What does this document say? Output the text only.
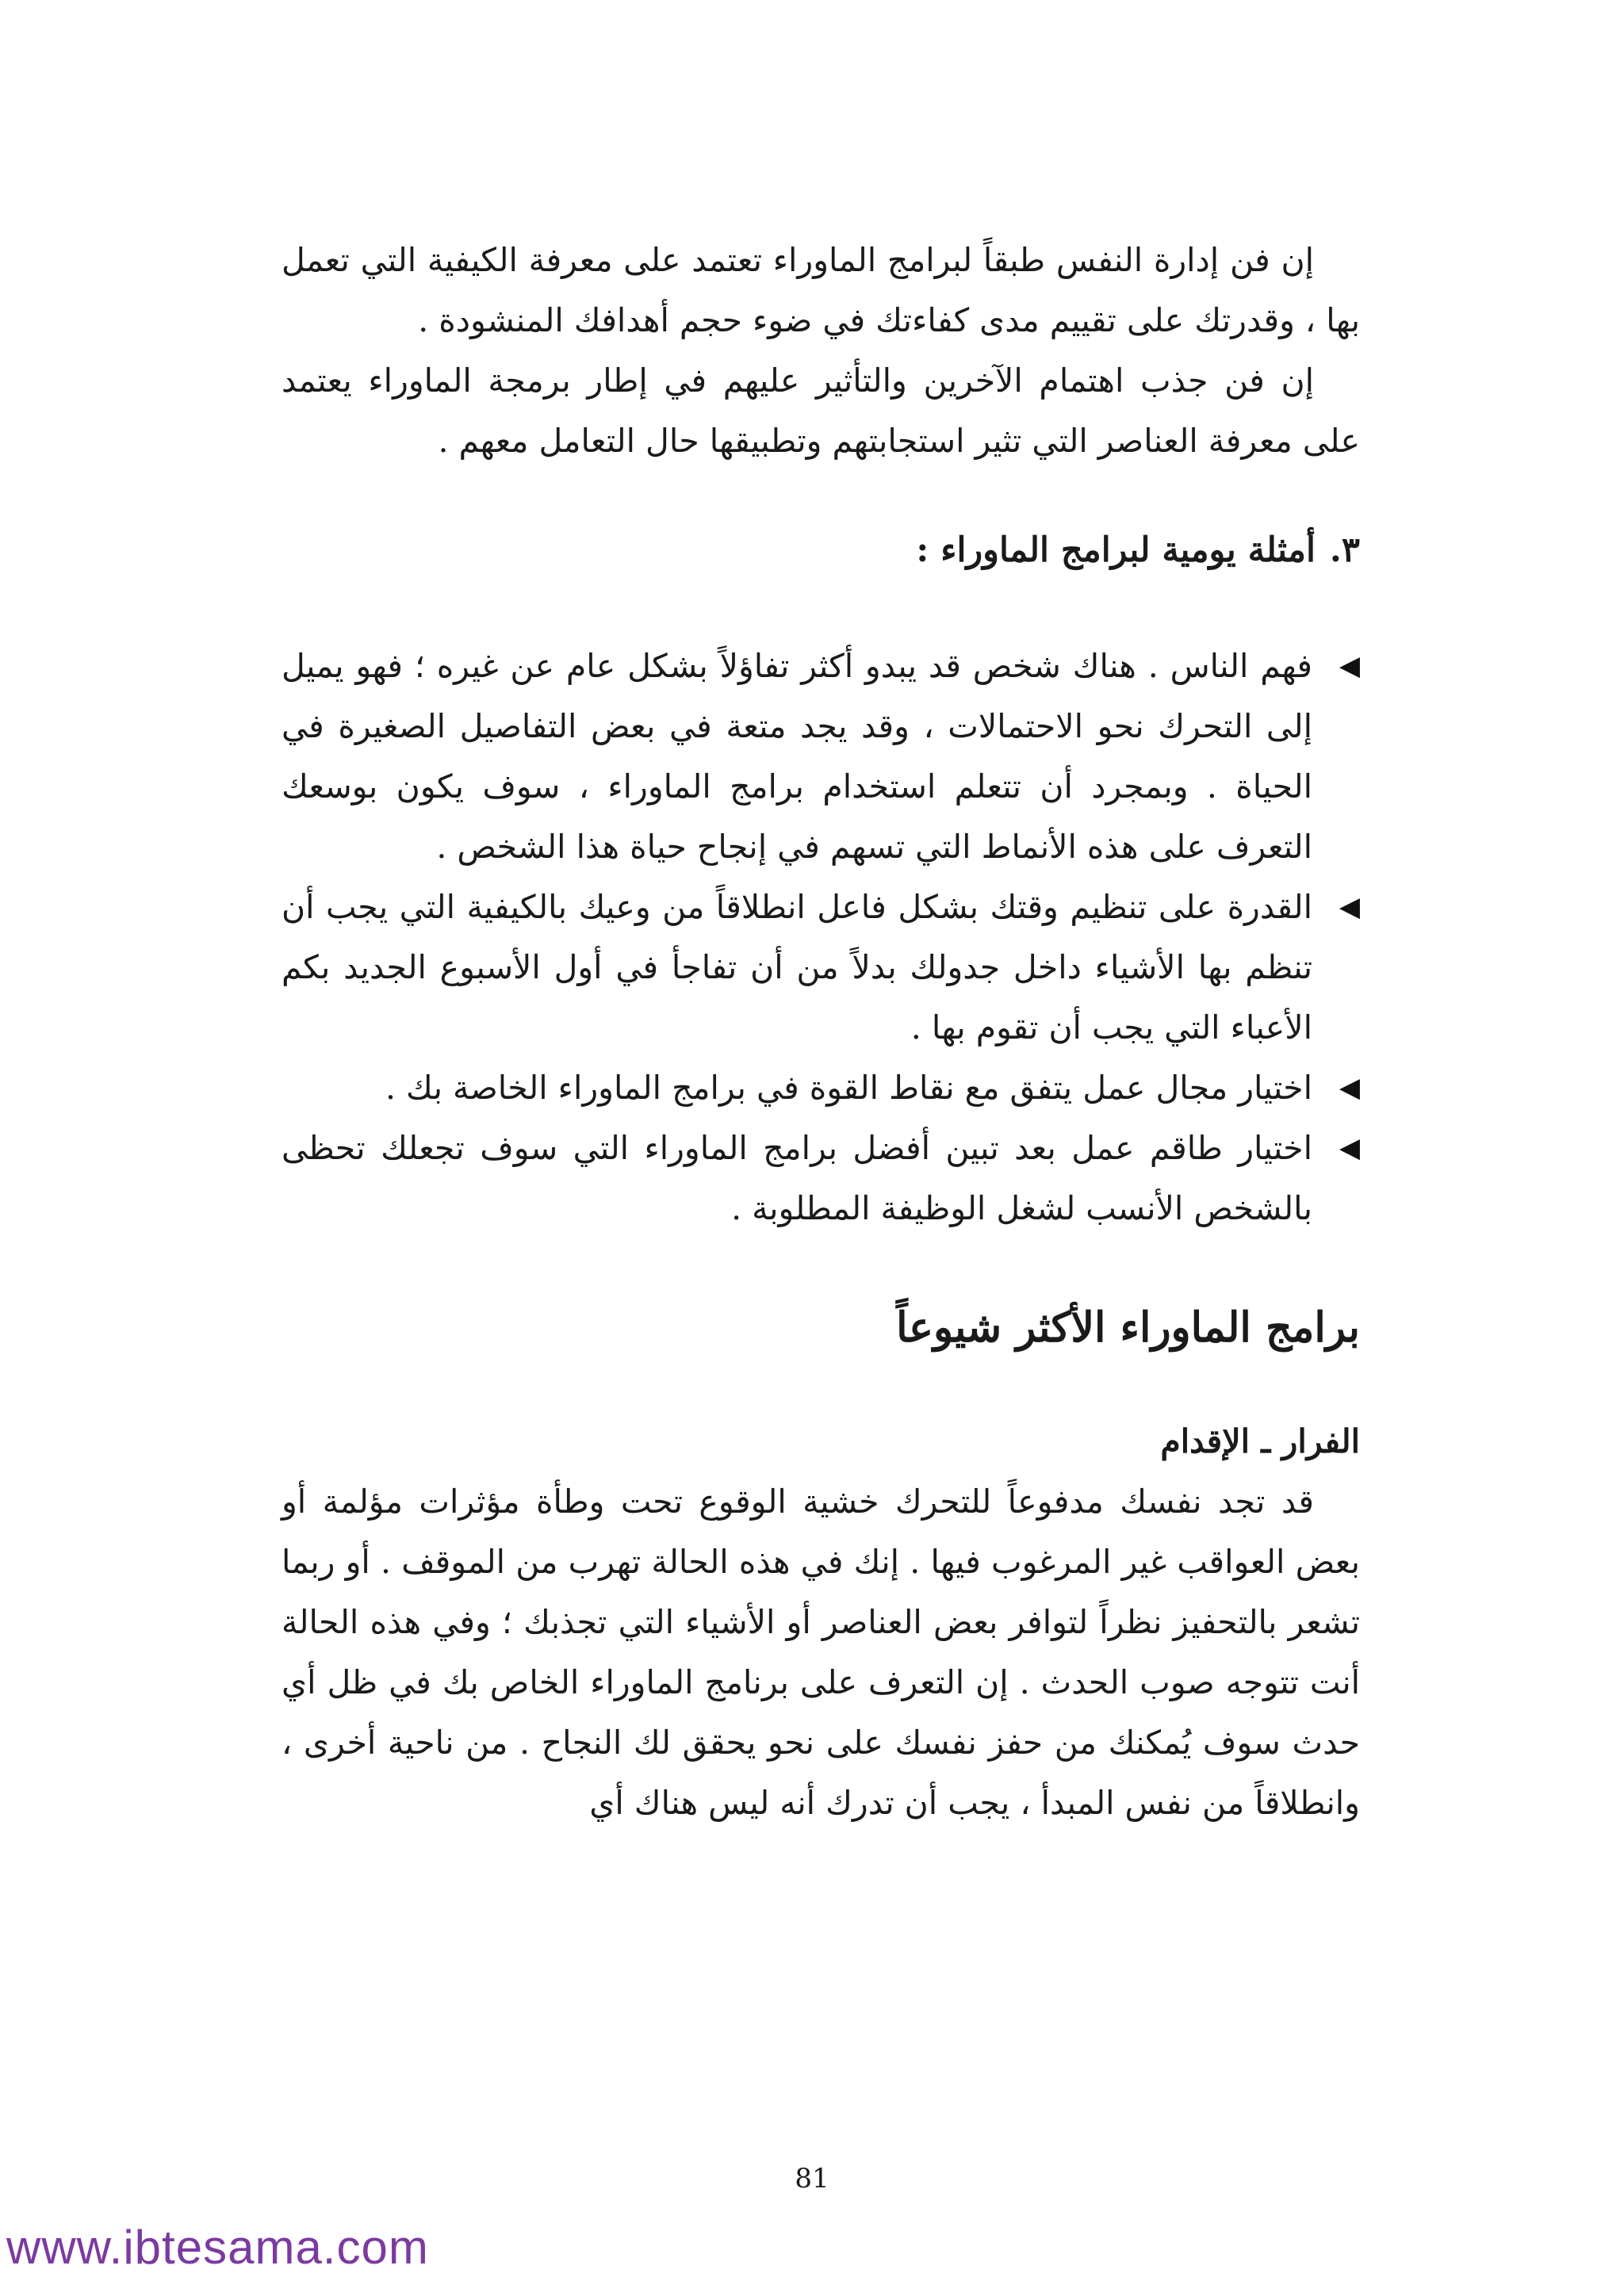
إن فن إدارة النفس طبقاً لبرامج الماوراء تعتمد على معرفة الكيفية التي تعمل بها ، وقدرتك على تقييم مدى كفاءتك في ضوء حجم أهدافك المنشودة .

إن فن جذب اهتمام الآخرين والتأثير عليهم في إطار برمجة الماوراء يعتمد على معرفة العناصر التي تثير استجابتهم وتطبيقها حال التعامل معهم .

٣.أمثلة يومية لبرامج الماوراء :
◀
فهم الناس . هناك شخص قد يبدو أكثر تفاؤلاً بشكل عام عن غيره ؛ فهو يميل إلى التحرك نحو الاحتمالات ، وقد يجد متعة في بعض التفاصيل الصغيرة في الحياة . وبمجرد أن تتعلم استخدام برامج الماوراء ، سوف يكون بوسعك التعرف على هذه الأنماط التي تسهم في إنجاح حياة هذا الشخص .
◀
القدرة على تنظيم وقتك بشكل فاعل انطلاقاً من وعيك بالكيفية التي يجب أن تنظم بها الأشياء داخل جدولك بدلاً من أن تفاجأ في أول الأسبوع الجديد بكم الأعباء التي يجب أن تقوم بها .
◀
اختيار مجال عمل يتفق مع نقاط القوة في برامج الماوراء الخاصة بك .
◀
اختيار طاقم عمل بعد تبين أفضل برامج الماوراء التي سوف تجعلك تحظى بالشخص الأنسب لشغل الوظيفة المطلوبة .
برامج الماوراء الأكثر شيوعاً
الفرار ـ الإقدام

قد تجد نفسك مدفوعاً للتحرك خشية الوقوع تحت وطأة مؤثرات مؤلمة أو بعض العواقب غير المرغوب فيها . إنك في هذه الحالة تهرب من الموقف . أو ربما تشعر بالتحفيز نظراً لتوافر بعض العناصر أو الأشياء التي تجذبك ؛ وفي هذه الحالة أنت تتوجه صوب الحدث . إن التعرف على برنامج الماوراء الخاص بك في ظل أي حدث سوف يُمكنك من حفز نفسك على نحو يحقق لك النجاح . من ناحية أخرى ، وانطلاقاً من نفس المبدأ ، يجب أن تدرك أنه ليس هناك أي

81
www.ibtesama.com
